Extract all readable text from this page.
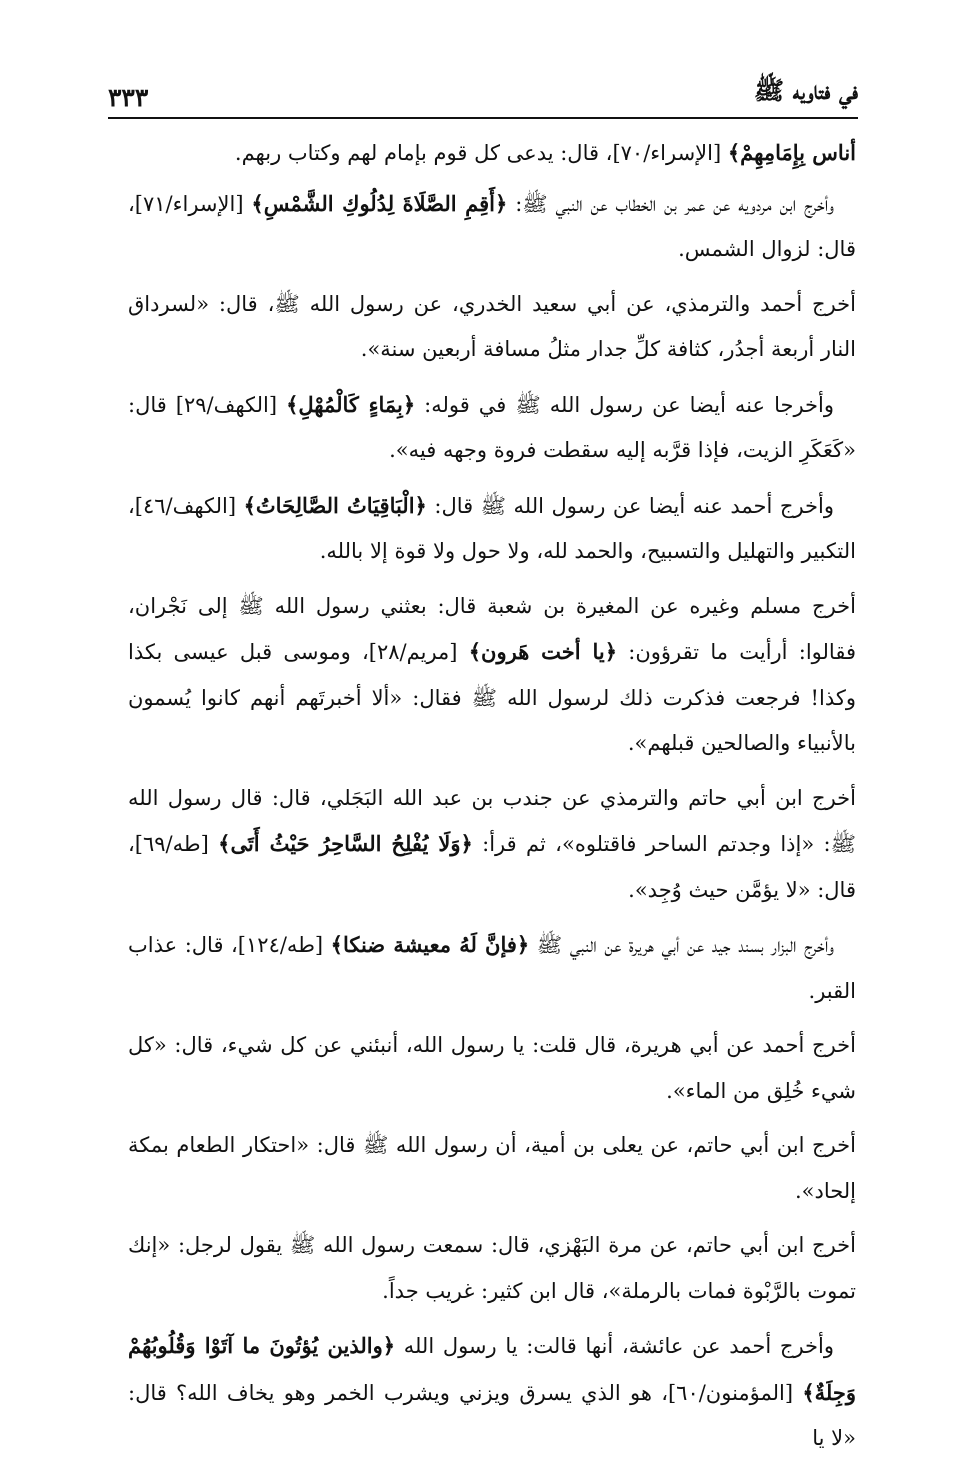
في فتاويه ﷺ
٣٣٣

أناس بِإِمَامِهِمْ﴾ [الإسراء/٧٠]، قال: يدعى كل قوم بإمام لهم وكتاب ربهم.

وأخرج ابن مردويه عن عمر بن الخطاب عن النبي ﷺ: ﴿أَقِمِ الصَّلَاةَ لِدُلُوكِ الشَّمْسِ﴾ [الإسراء/٧١]، قال: لزوال الشمس.

أخرج أحمد والترمذي، عن أبي سعيد الخدري، عن رسول الله ﷺ، قال: «لسرداق النار أربعة أجدُر، كثافة كلِّ جدار مثلُ مسافة أربعين سنة».

وأخرجا عنه أيضا عن رسول الله ﷺ في قوله: ﴿بِمَاءٍ كَالْمُهْلِ﴾ [الكهف/٢٩] قال: «كَعَكَرِ الزيت، فإذا قرَّبه إليه سقطت فروة وجهه فيه».

وأخرج أحمد عنه أيضا عن رسول الله ﷺ قال: ﴿الْبَاقِيَاتُ الصَّالِحَاتُ﴾ [الكهف/٤٦]، التكبير والتهليل والتسبيح، والحمد لله، ولا حول ولا قوة إلا بالله.

أخرج مسلم وغيره عن المغيرة بن شعبة قال: بعثني رسول الله ﷺ إلى نَجْران، فقالوا: أرأيت ما تقرؤون: ﴿يا أخت هَرون﴾ [مريم/٢٨]، وموسى قبل عيسى بكذا وكذا! فرجعت فذكرت ذلك لرسول الله ﷺ فقال: «ألا أخبرتَهم أنهم كانوا يُسمون بالأنبياء والصالحين قبلهم».

أخرج ابن أبي حاتم والترمذي عن جندب بن عبد الله البَجَلي، قال: قال رسول الله ﷺ: «إذا وجدتم الساحر فاقتلوه»، ثم قرأ: ﴿وَلَا يُفْلِحُ السَّاحِرُ حَيْثُ أَتَى﴾ [طه/٦٩]، قال: «لا يؤمَّن حيث وُجِد».

وأخرج البزار بسند جيد عن أبي هريرة عن النبي ﷺ ﴿فإنَّ لَهُ معيشة ضنكا﴾ [طه/١٢٤]، قال: عذاب القبر.

أخرج أحمد عن أبي هريرة، قال قلت: يا رسول الله، أنبئني عن كل شيء، قال: «كل شيء خُلِق من الماء».

أخرج ابن أبي حاتم، عن يعلى بن أمية، أن رسول الله ﷺ قال: «احتكار الطعام بمكة إلحاد».

أخرج ابن أبي حاتم، عن مرة البَهْزي، قال: سمعت رسول الله ﷺ يقول لرجل: «إنك تموت بالرَّبْوة فمات بالرملة»، قال ابن كثير: غريب جداً.

وأخرج أحمد عن عائشة، أنها قالت: يا رسول الله ﴿والذين يُؤتُونَ ما آتَوْا وَقُلُوبُهُمْ وَجِلَةٌ﴾ [المؤمنون/٦٠]، هو الذي يسرق ويزني ويشرب الخمر وهو يخاف الله؟ قال: «لا يا
